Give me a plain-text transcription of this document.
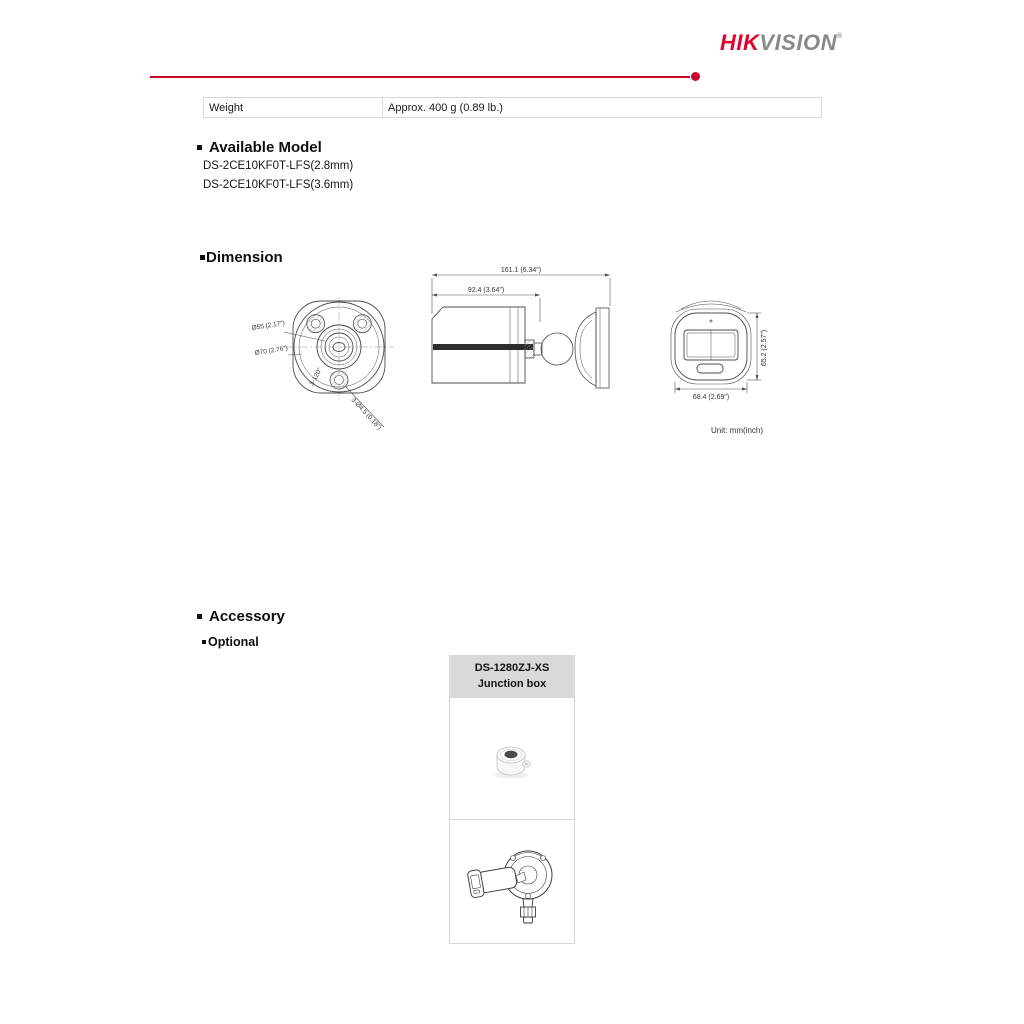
HIKVISION®
Weight	Approx. 400 g (0.89 lb.)
Available Model
DS-2CE10KF0T-LFS(2.8mm)
DS-2CE10KF0T-LFS(3.6mm)
Dimension
Ø55 (2.17")
Ø70 (2.76")
3-120°
3-Ø4.5 (0.18")
161.1 (6.34")
92.4 (3.64")
68.4 (2.69")
65.2 (2.57")
Unit: mm(inch)
Accessory
Optional
DS-1280ZJ-XS
Junction box
